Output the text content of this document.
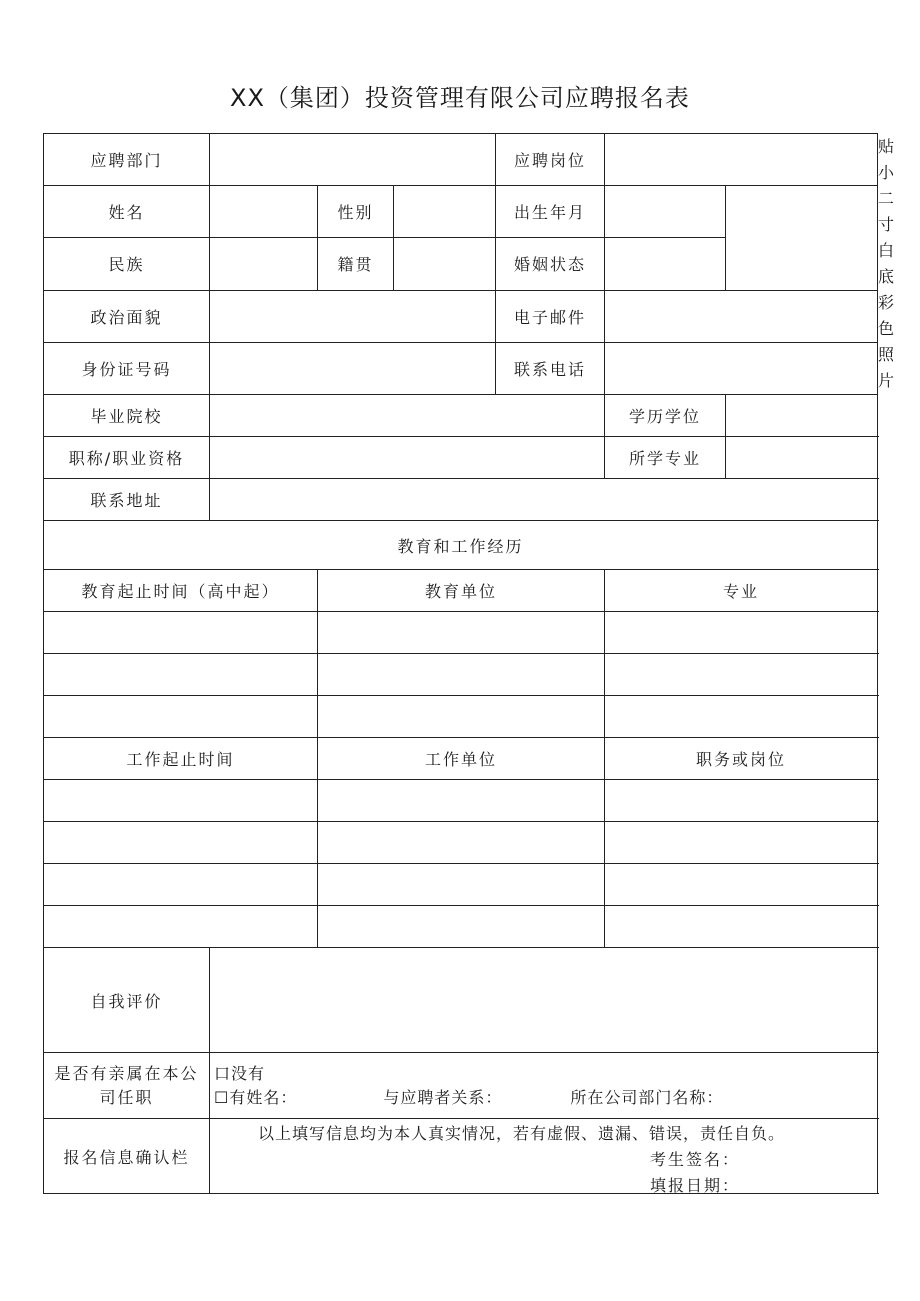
XX（集团）投资管理有限公司应聘报名表
应聘部门				应聘岗位			贴小二寸白底彩色照片
姓名		性别		出生年月			
民族		籍贯		婚姻状态			
政治面貌				电子邮件			
身份证号码				联系电话			
毕业院校					学历学位		
职称/职业资格					所学专业		
联系地址							
教育和工作经历							
教育起止时间（高中起）		教育单位			专业		

工作起止时间		工作单位			职务或岗位		

自我评价							
是否有亲属在本公司任职	口没有
☐有姓名： 与应聘者关系： 所在公司部门名称：						

报名信息确认栏	以上填写信息均为本人真实情况，若有虚假、遗漏、错误，责任自负。
考生签名：
填报日期：						
